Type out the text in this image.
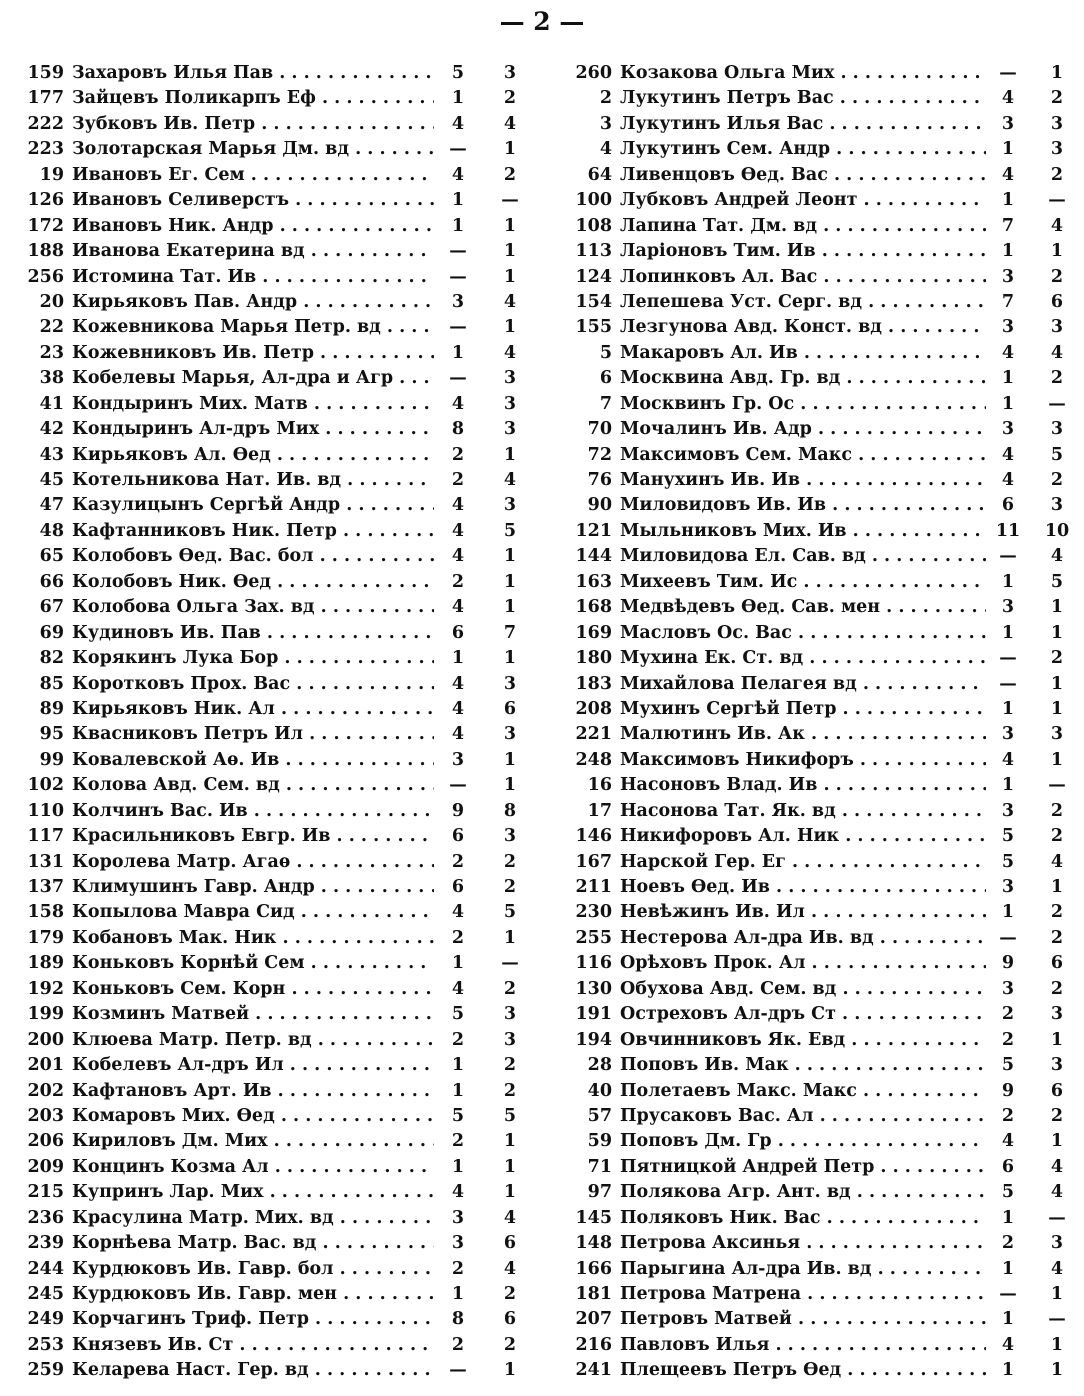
— 2 —
159 Захаровъ Илья Пав . . .	5	3
177 Зайцевъ Поликарпъ Еф . . .	1	2
222 Зубковъ Ив. Петр . . .	4	4
223 Золотарская Марья Дм. вд . . .	—	1
19 Ивановъ Ег. Сем . . .	4	2
126 Ивановъ Селиверстъ . . .	1	—
172 Ивановъ Ник. Андр . . .	1	1
188 Иванова Екатерина вд . . .	—	1
256 Истомина Тат. Ив . . .	—	1
20 Кирьяковъ Пав. Андр . . .	3	4
22 Кожевникова Марья Петр. вд . . .	—	1
23 Кожевниковъ Ив. Петр . . .	1	4
38 Кобелевы Марья, Ал-дра и Агр . . .	—	3
41 Кондыринъ Мих. Матв . . .	4	3
42 Кондыринъ Ал-дръ Мих . . .	8	3
43 Кирьяковъ Ал. Ѳед . . .	2	1
45 Котельникова Нат. Ив. вд . . .	2	4
47 Казулицынъ Сергѣй Андр . . .	4	3
48 Кафтанниковъ Ник. Петр . . .	4	5
65 Колобовъ Ѳед. Вас. бол . . .	4	1
66 Колобовъ Ник. Ѳед . . .	2	1
67 Колобова Ольга Зах. вд . . .	4	1
69 Кудиновъ Ив. Пав . . .	6	7
82 Корякинъ Лука Бор . . .	1	1
85 Коротковъ Прох. Вас . . .	4	3
89 Кирьяковъ Ник. Ал . . .	4	6
95 Квасниковъ Петръ Ил . . .	4	3
99 Ковалевской Аѳ. Ив . . .	3	1
102 Колова Авд. Сем. вд . . .	—	1
110 Колчинъ Вас. Ив . . .	9	8
117 Красильниковъ Евгр. Ив . . .	6	3
131 Королева Матр. Агаѳ . . .	2	2
137 Климушинъ Гавр. Андр . . .	6	2
158 Копылова Мавра Сид . . .	4	5
179 Кобановъ Мак. Ник . . .	2	1
189 Коньковъ Корнѣй Сем . . .	1	—
192 Коньковъ Сем. Корн . . .	4	2
199 Козминъ Матвей . . .	5	3
200 Клюева Матр. Петр. вд . . .	2	3
201 Кобелевъ Ал-дръ Ил . . .	1	2
202 Кафтановъ Арт. Ив . . .	1	2
203 Комаровъ Мих. Ѳед . . .	5	5
206 Кириловъ Дм. Мих . . .	2	1
209 Концинъ Козма Ал . . .	1	1
215 Купринъ Лар. Мих . . .	4	1
236 Красулина Матр. Мих. вд . . .	3	4
239 Корнѣева Матр. Вас. вд . . .	3	6
244 Курдюковъ Ив. Гавр. бол . . .	2	4
245 Курдюковъ Ив. Гавр. мен . . .	1	2
249 Корчагинъ Триф. Петр . . .	8	6
253 Князевъ Ив. Ст . . .	2	2
259 Келарева Наст. Гер. вд . . .	—	1
260 Козакова Ольга Мих . . .	—	1
2 Лукутинъ Петръ Вас . . .	4	2
3 Лукутинъ Илья Вас . . .	3	3
4 Лукутинъ Сем. Андр . . .	1	3
64 Ливенцовъ Ѳед. Вас . . .	4	2
100 Лубковъ Андрей Леонт . . .	1	—
108 Лапина Тат. Дм. вд . . .	7	4
113 Ларіоновъ Тим. Ив . . .	1	1
124 Лопинковъ Ал. Вас . . .	3	2
154 Лепешева Уст. Серг. вд . . .	7	6
155 Лезгунова Авд. Конст. вд . . .	3	3
5 Макаровъ Ал. Ив . . .	4	4
6 Москвина Авд. Гр. вд . . .	1	2
7 Москвинъ Гр. Ос . . .	1	—
70 Мочалинъ Ив. Адр . . .	3	3
72 Максимовъ Сем. Макс . . .	4	5
76 Манухинъ Ив. Ив . . .	4	2
90 Миловидовъ Ив. Ив . . .	6	3
121 Мыльниковъ Мих. Ив . . .	11	10
144 Миловидова Ел. Сав. вд . . .	—	4
163 Михеевъ Тим. Ис . . .	1	5
168 Медвѣдевъ Ѳед. Сав. мен . . .	3	1
169 Масловъ Ос. Вас . . .	1	1
180 Мухина Ек. Ст. вд . . .	—	2
183 Михайлова Пелагея вд . . .	—	1
208 Мухинъ Сергѣй Петр . . .	1	1
221 Малютинъ Ив. Ак . . .	3	3
248 Максимовъ Никифоръ . . .	4	1
16 Насоновъ Влад. Ив . . .	1	—
17 Насонова Тат. Як. вд . . .	3	2
146 Никифоровъ Ал. Ник . . .	5	2
167 Нарской Гер. Ег . . .	5	4
211 Ноевъ Ѳед. Ив . . .	3	1
230 Невѣжинъ Ив. Ил . . .	1	2
255 Нестерова Ал-дра Ив. вд . . .	—	2
116 Орѣховъ Прок. Ал . . .	9	6
130 Обухова Авд. Сем. вд . . .	3	2
191 Остреховъ Ал-дръ Ст . . .	2	3
194 Овчинниковъ Як. Евд . . .	2	1
28 Поповъ Ив. Мак . . .	5	3
40 Полетаевъ Макс. Макс . . .	9	6
57 Прусаковъ Вас. Ал . . .	2	2
59 Поповъ Дм. Гр . . .	4	1
71 Пятницкой Андрей Петр . . .	6	4
97 Полякова Агр. Ант. вд . . .	5	4
145 Поляковъ Ник. Вас . . .	1	—
148 Петрова Аксинья . . .	2	3
166 Парыгина Ал-дра Ив. вд . . .	1	4
181 Петрова Матрена . . .	—	1
207 Петровъ Матвей . . .	1	—
216 Павловъ Илья . . .	4	1
241 Плещеевъ Петръ Ѳед . . .	1	1
